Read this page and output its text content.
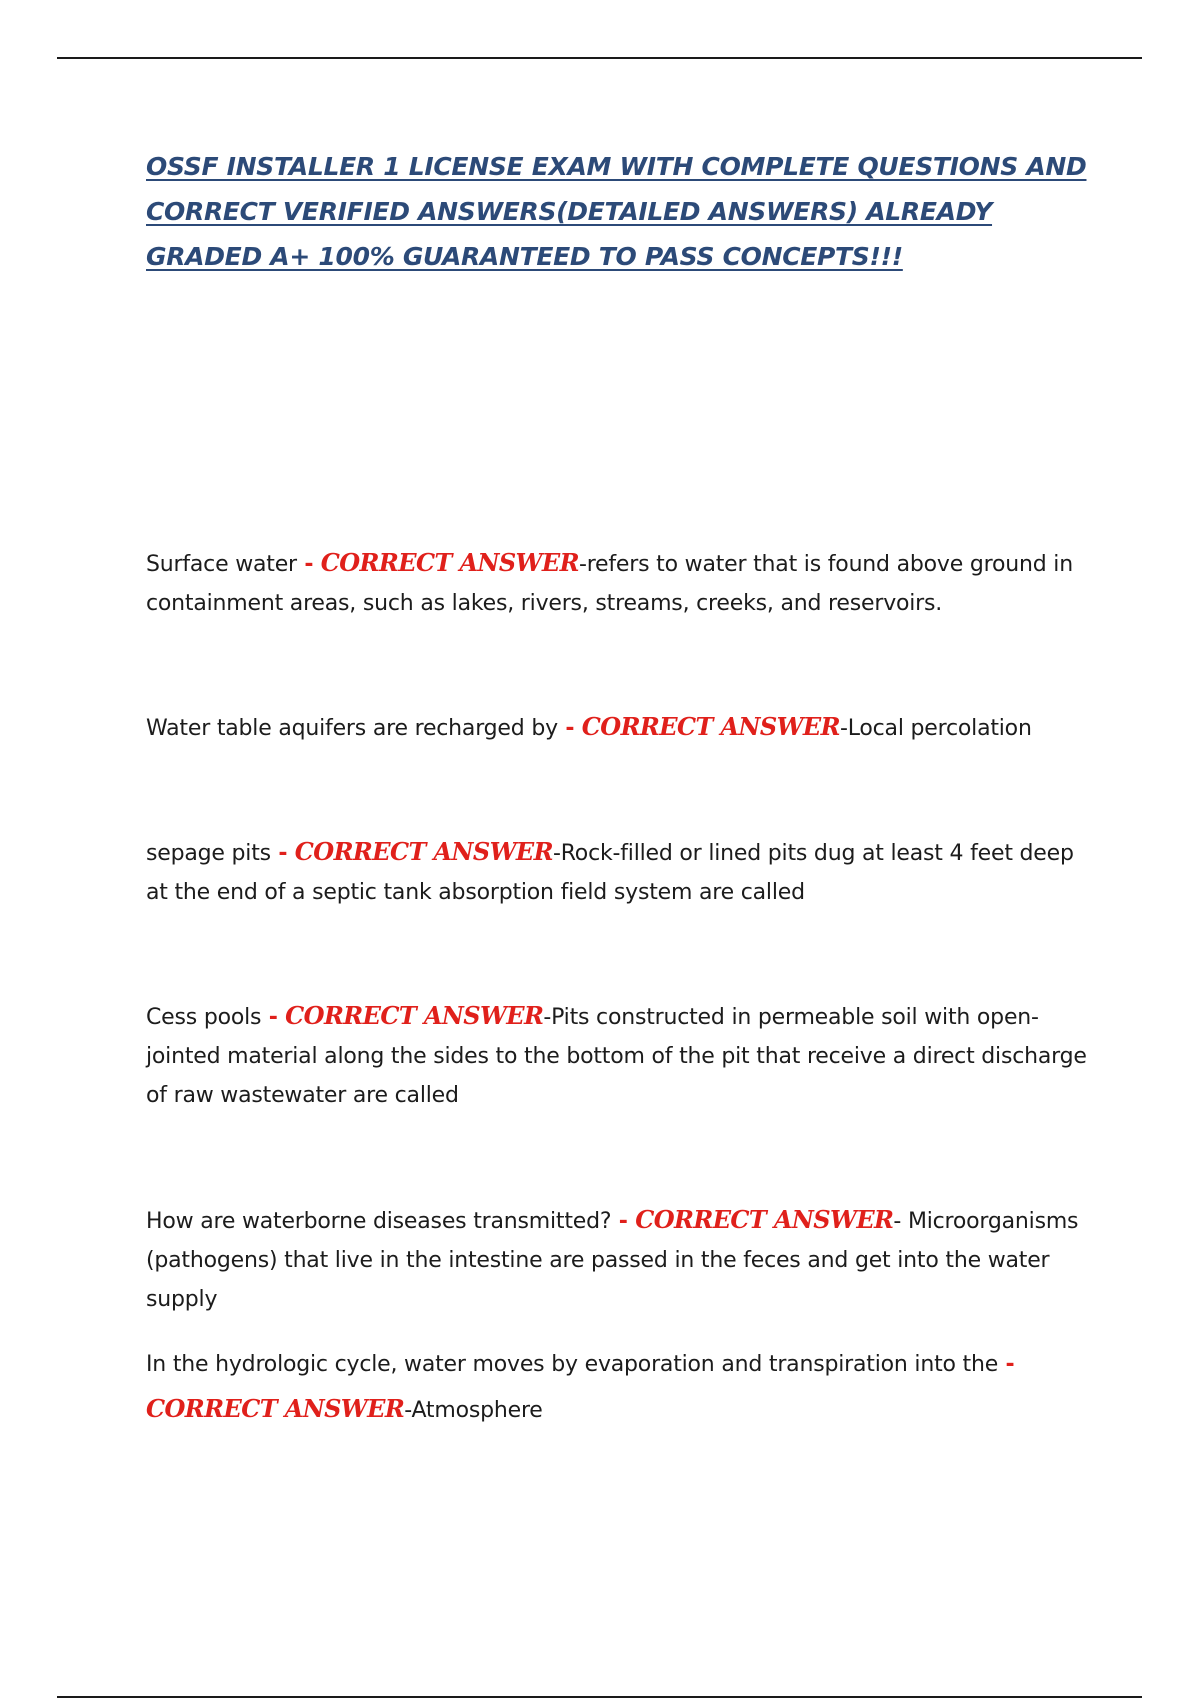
OSSF INSTALLER 1 LICENSE EXAM WITH COMPLETE QUESTIONS AND CORRECT VERIFIED ANSWERS(DETAILED ANSWERS) ALREADY GRADED A+ 100% GUARANTEED TO PASS CONCEPTS!!!

Surface water - CORRECT ANSWER-refers to water that is found above ground in containment areas, such as lakes, rivers, streams, creeks, and reservoirs.

Water table aquifers are recharged by - CORRECT ANSWER-Local percolation

sepage pits - CORRECT ANSWER-Rock-filled or lined pits dug at least 4 feet deep at the end of a septic tank absorption field system are called

Cess pools - CORRECT ANSWER-Pits constructed in permeable soil with open-jointed material along the sides to the bottom of the pit that receive a direct discharge of raw wastewater are called

How are waterborne diseases transmitted? - CORRECT ANSWER- Microorganisms (pathogens) that live in the intestine are passed in the feces and get into the water supply

In the hydrologic cycle, water moves by evaporation and transpiration into the - CORRECT ANSWER-Atmosphere
